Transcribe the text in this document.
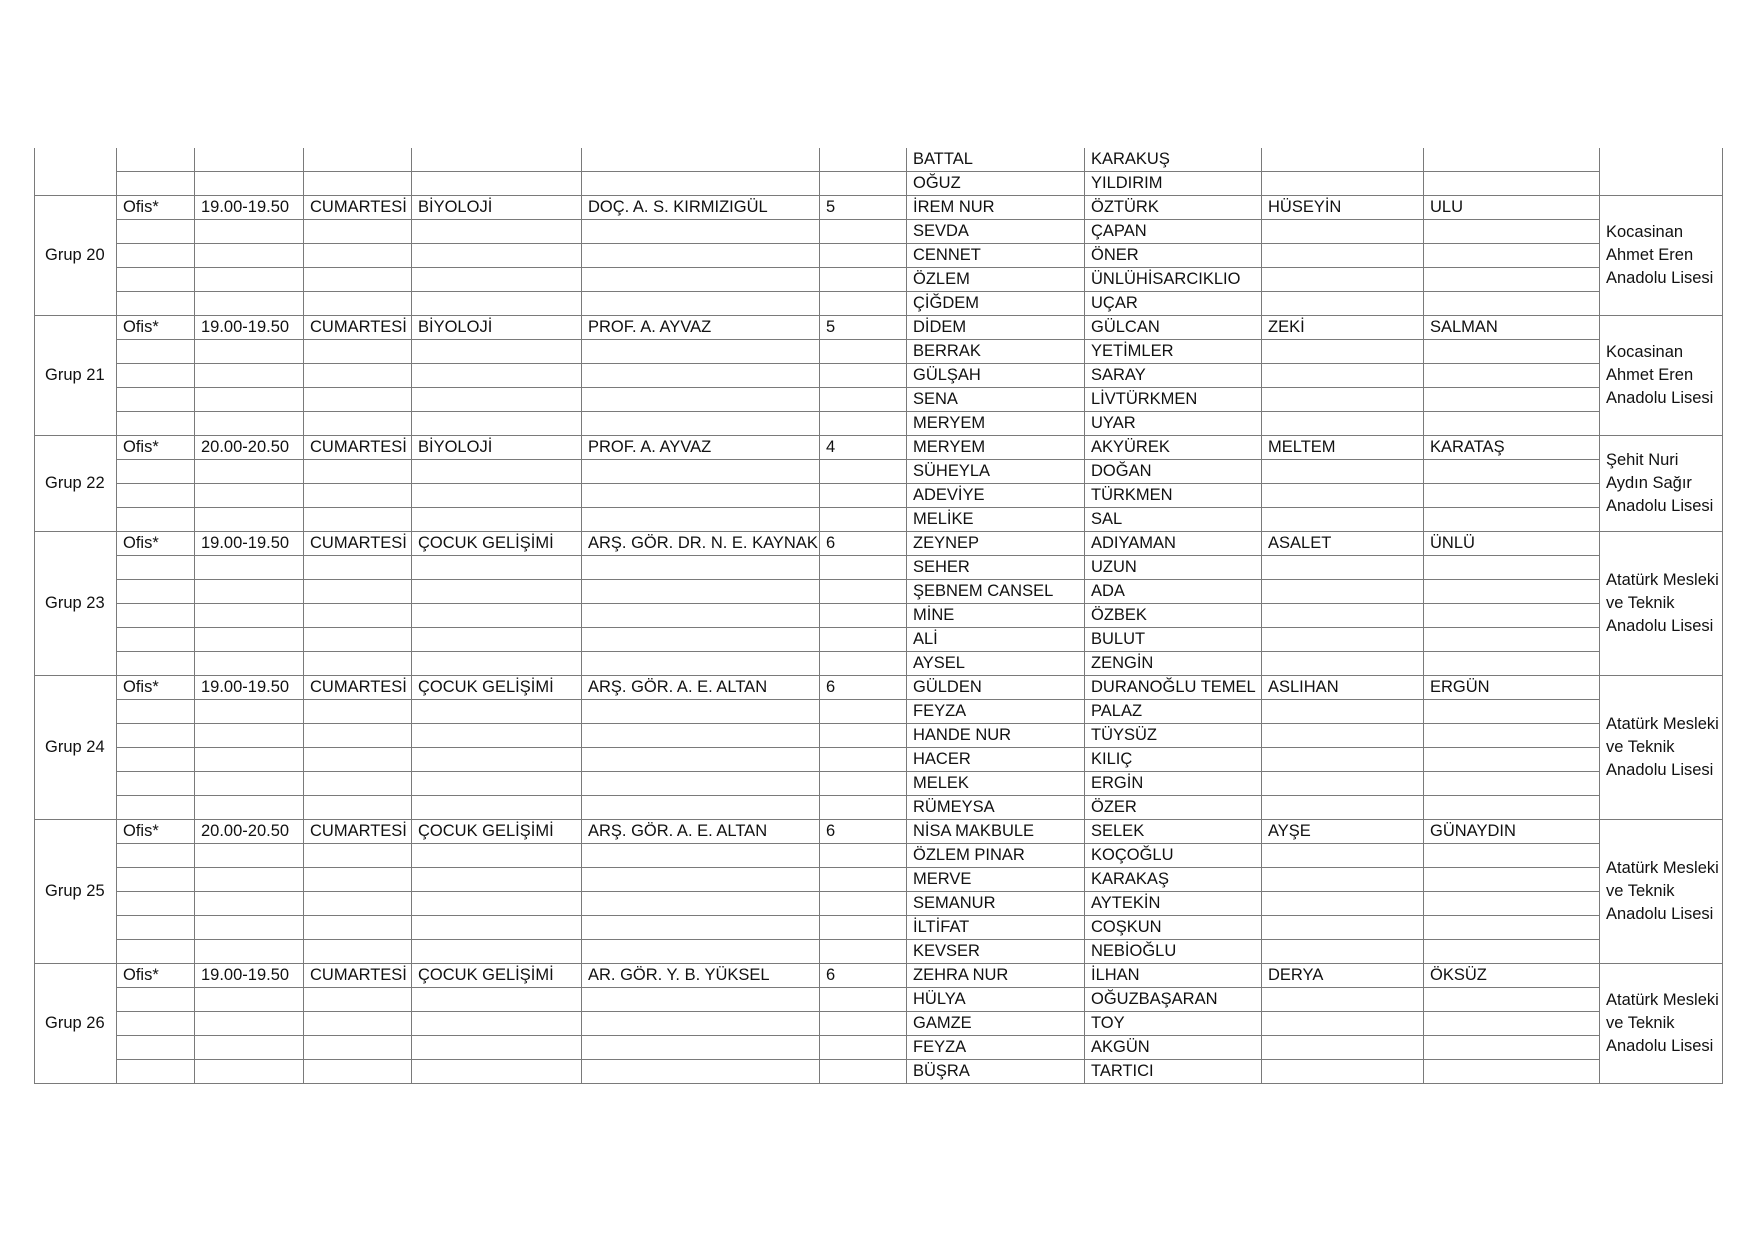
							BATTAL	KARAKUŞ			
							OĞUZ	YILDIRIM			
Grup 20	Ofis*	19.00-19.50	CUMARTESİ	BİYOLOJİ	DOÇ. A. S. KIRMIZIGÜL	5	İREM NUR	ÖZTÜRK	HÜSEYİN	ULU	Kocasinan Ahmet Eren Anadolu Lisesi
							SEVDA	ÇAPAN			
							CENNET	ÖNER			
							ÖZLEM	ÜNLÜHİSARCIKLIO			
							ÇİĞDEM	UÇAR			
Grup 21	Ofis*	19.00-19.50	CUMARTESİ	BİYOLOJİ	PROF. A. AYVAZ	5	DİDEM	GÜLCAN	ZEKİ	SALMAN	Kocasinan Ahmet Eren Anadolu Lisesi
							BERRAK	YETİMLER			
							GÜLŞAH	SARAY			
							SENA	LİVTÜRKMEN			
							MERYEM	UYAR			
Grup 22	Ofis*	20.00-20.50	CUMARTESİ	BİYOLOJİ	PROF. A. AYVAZ	4	MERYEM	AKYÜREK	MELTEM	KARATAŞ	Şehit Nuri Aydın Sağır Anadolu Lisesi
							SÜHEYLA	DOĞAN			
							ADEVİYE	TÜRKMEN			
							MELİKE	SAL			
Grup 23	Ofis*	19.00-19.50	CUMARTESİ	ÇOCUK GELİŞİMİ	ARŞ. GÖR. DR. N. E. KAYNAK	6	ZEYNEP	ADIYAMAN	ASALET	ÜNLÜ	Atatürk Mesleki ve Teknik Anadolu Lisesi
							SEHER	UZUN			
							ŞEBNEM CANSEL	ADA			
							MİNE	ÖZBEK			
							ALİ	BULUT			
							AYSEL	ZENGİN			
Grup 24	Ofis*	19.00-19.50	CUMARTESİ	ÇOCUK GELİŞİMİ	ARŞ. GÖR. A. E. ALTAN	6	GÜLDEN	DURANOĞLU TEMEL	ASLIHAN	ERGÜN	Atatürk Mesleki ve Teknik Anadolu Lisesi
							FEYZA	PALAZ			
							HANDE NUR	TÜYSÜZ			
							HACER	KILIÇ			
							MELEK	ERGİN			
							RÜMEYSA	ÖZER			
Grup 25	Ofis*	20.00-20.50	CUMARTESİ	ÇOCUK GELİŞİMİ	ARŞ. GÖR. A. E. ALTAN	6	NİSA MAKBULE	SELEK	AYŞE	GÜNAYDIN	Atatürk Mesleki ve Teknik Anadolu Lisesi
							ÖZLEM PINAR	KOÇOĞLU			
							MERVE	KARAKAŞ			
							SEMANUR	AYTEKİN			
							İLTİFAT	COŞKUN			
							KEVSER	NEBİOĞLU			
Grup 26	Ofis*	19.00-19.50	CUMARTESİ	ÇOCUK GELİŞİMİ	AR. GÖR. Y. B. YÜKSEL	6	ZEHRA NUR	İLHAN	DERYA	ÖKSÜZ	Atatürk Mesleki ve Teknik Anadolu Lisesi
							HÜLYA	OĞUZBAŞARAN			
							GAMZE	TOY			
							FEYZA	AKGÜN			
							BÜŞRA	TARTICI			
